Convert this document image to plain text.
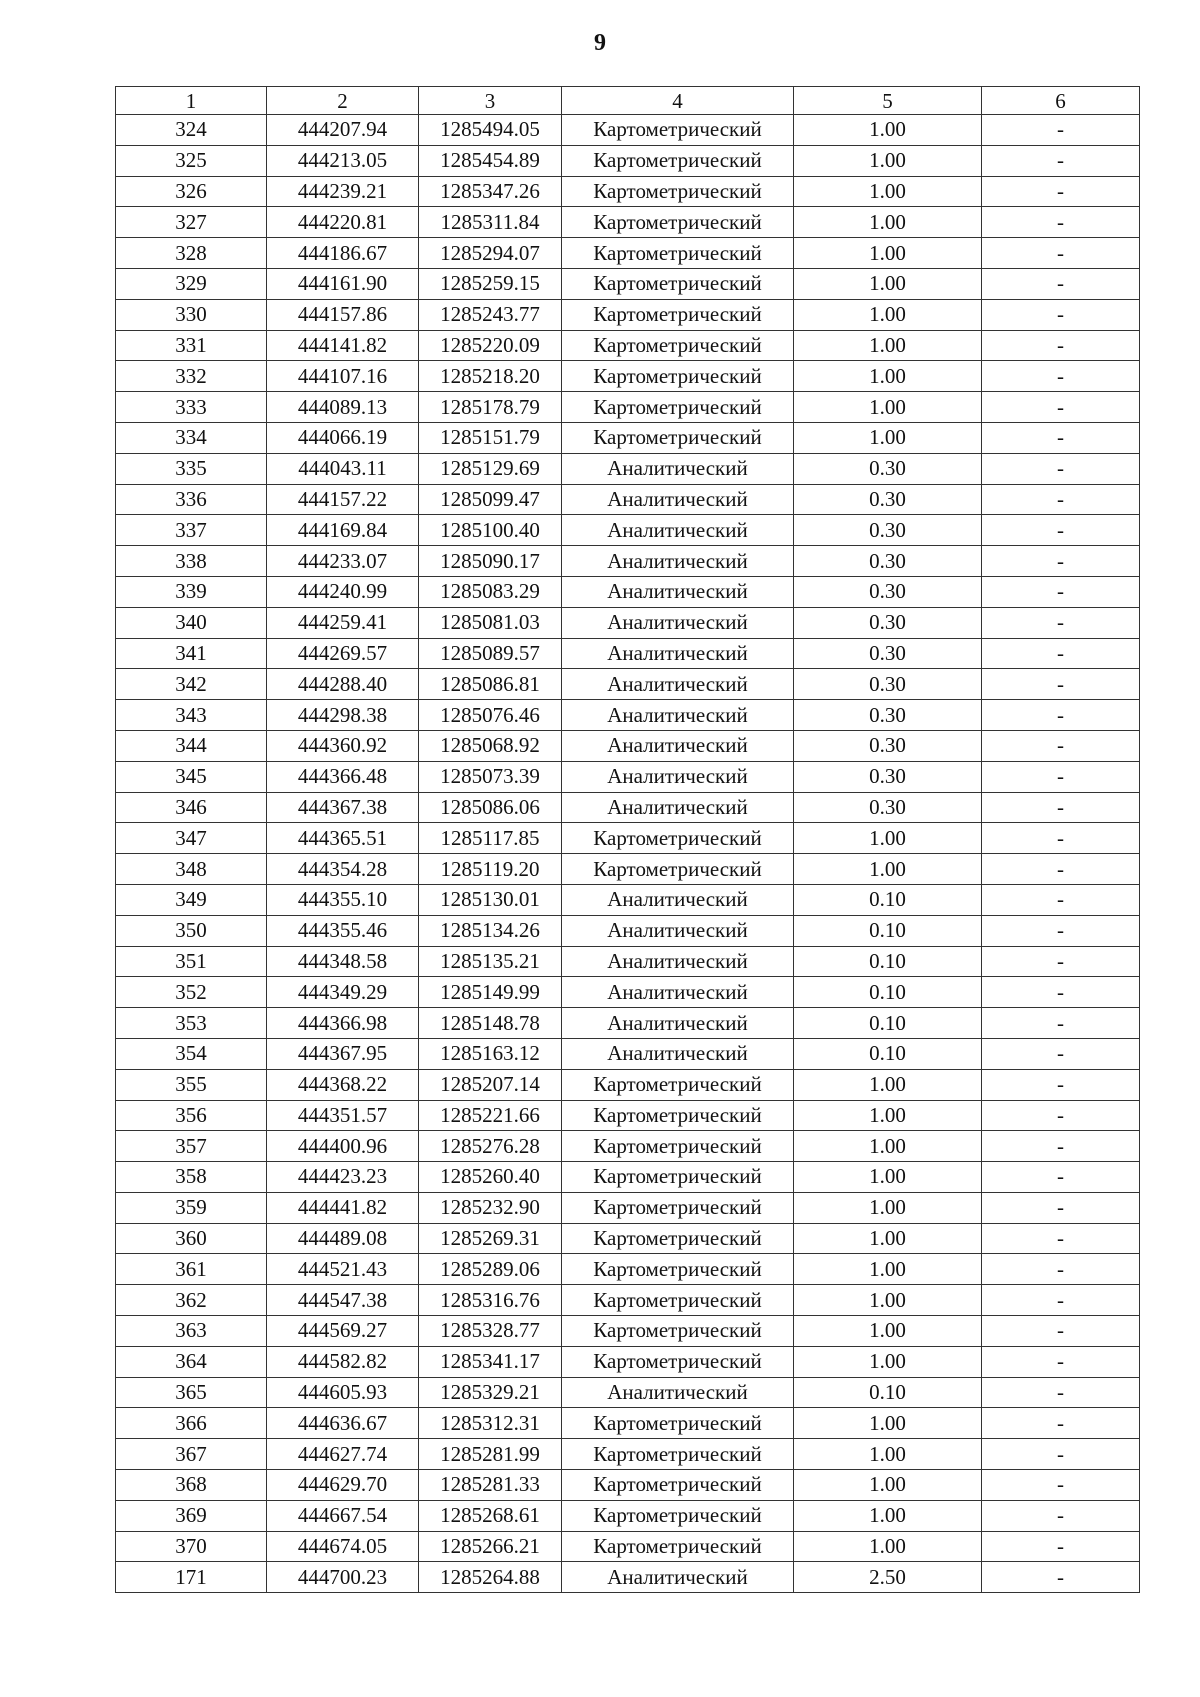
9
1	2	3	4	5	6
324	444207.94	1285494.05	Картометрический	1.00	-
325	444213.05	1285454.89	Картометрический	1.00	-
326	444239.21	1285347.26	Картометрический	1.00	-
327	444220.81	1285311.84	Картометрический	1.00	-
328	444186.67	1285294.07	Картометрический	1.00	-
329	444161.90	1285259.15	Картометрический	1.00	-
330	444157.86	1285243.77	Картометрический	1.00	-
331	444141.82	1285220.09	Картометрический	1.00	-
332	444107.16	1285218.20	Картометрический	1.00	-
333	444089.13	1285178.79	Картометрический	1.00	-
334	444066.19	1285151.79	Картометрический	1.00	-
335	444043.11	1285129.69	Аналитический	0.30	-
336	444157.22	1285099.47	Аналитический	0.30	-
337	444169.84	1285100.40	Аналитический	0.30	-
338	444233.07	1285090.17	Аналитический	0.30	-
339	444240.99	1285083.29	Аналитический	0.30	-
340	444259.41	1285081.03	Аналитический	0.30	-
341	444269.57	1285089.57	Аналитический	0.30	-
342	444288.40	1285086.81	Аналитический	0.30	-
343	444298.38	1285076.46	Аналитический	0.30	-
344	444360.92	1285068.92	Аналитический	0.30	-
345	444366.48	1285073.39	Аналитический	0.30	-
346	444367.38	1285086.06	Аналитический	0.30	-
347	444365.51	1285117.85	Картометрический	1.00	-
348	444354.28	1285119.20	Картометрический	1.00	-
349	444355.10	1285130.01	Аналитический	0.10	-
350	444355.46	1285134.26	Аналитический	0.10	-
351	444348.58	1285135.21	Аналитический	0.10	-
352	444349.29	1285149.99	Аналитический	0.10	-
353	444366.98	1285148.78	Аналитический	0.10	-
354	444367.95	1285163.12	Аналитический	0.10	-
355	444368.22	1285207.14	Картометрический	1.00	-
356	444351.57	1285221.66	Картометрический	1.00	-
357	444400.96	1285276.28	Картометрический	1.00	-
358	444423.23	1285260.40	Картометрический	1.00	-
359	444441.82	1285232.90	Картометрический	1.00	-
360	444489.08	1285269.31	Картометрический	1.00	-
361	444521.43	1285289.06	Картометрический	1.00	-
362	444547.38	1285316.76	Картометрический	1.00	-
363	444569.27	1285328.77	Картометрический	1.00	-
364	444582.82	1285341.17	Картометрический	1.00	-
365	444605.93	1285329.21	Аналитический	0.10	-
366	444636.67	1285312.31	Картометрический	1.00	-
367	444627.74	1285281.99	Картометрический	1.00	-
368	444629.70	1285281.33	Картометрический	1.00	-
369	444667.54	1285268.61	Картометрический	1.00	-
370	444674.05	1285266.21	Картометрический	1.00	-
171	444700.23	1285264.88	Аналитический	2.50	-
